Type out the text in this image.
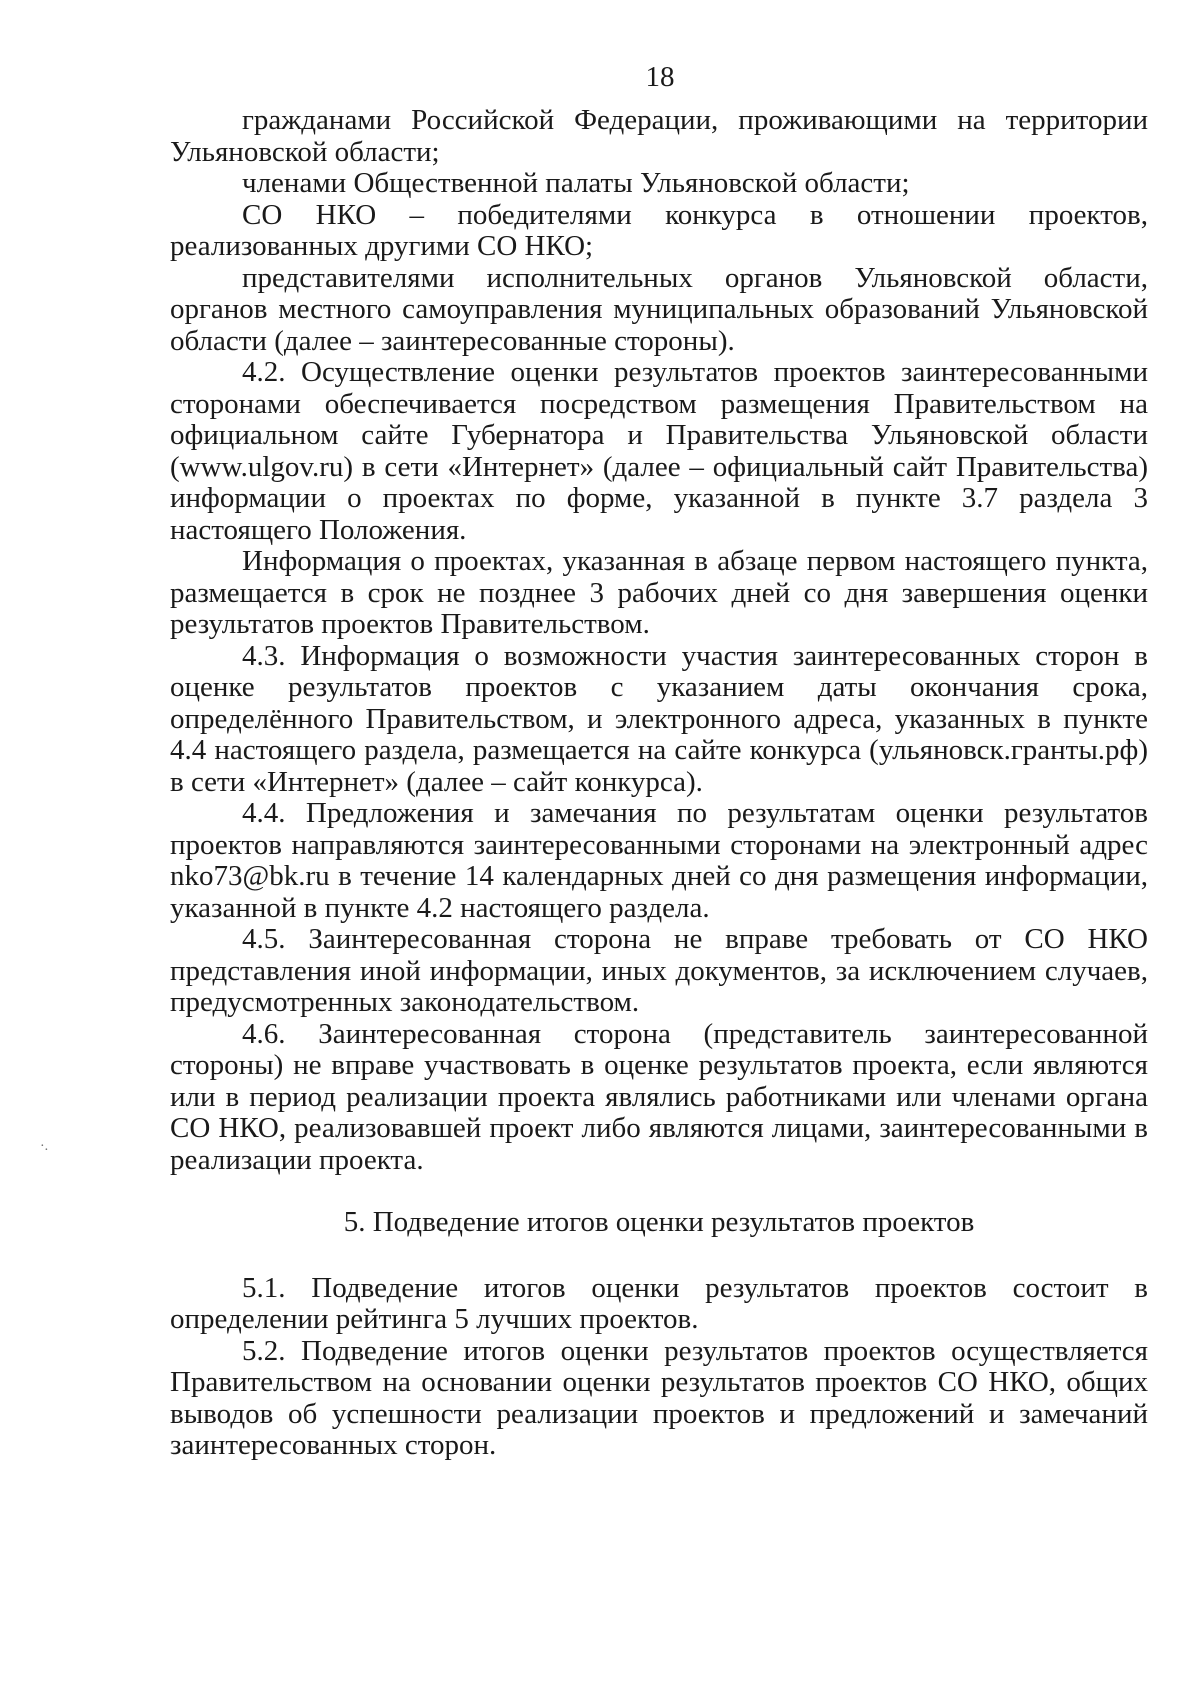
18

гражданами Российской Федерации, проживающими на территории Ульяновской области;

членами Общественной палаты Ульяновской области;

СО НКО – победителями конкурса в отношении проектов, реализованных другими СО НКО;

представителями исполнительных органов Ульяновской области, органов местного самоуправления муниципальных образований Ульяновской области (далее – заинтересованные стороны).

4.2. Осуществление оценки результатов проектов заинтересованными сторонами обеспечивается посредством размещения Правительством на официальном сайте Губернатора и Правительства Ульяновской области (www.ulgov.ru) в сети «Интернет» (далее – официальный сайт Правительства) информации о проектах по форме, указанной в пункте 3.7 раздела 3 настоящего Положения.

Информация о проектах, указанная в абзаце первом настоящего пункта, размещается в срок не позднее 3 рабочих дней со дня завершения оценки результатов проектов Правительством.

4.3. Информация о возможности участия заинтересованных сторон в оценке результатов проектов с указанием даты окончания срока, определённого Правительством, и электронного адреса, указанных в пункте 4.4 настоящего раздела, размещается на сайте конкурса (ульяновск.гранты.рф) в сети «Интернет» (далее – сайт конкурса).

4.4. Предложения и замечания по результатам оценки результатов проектов направляются заинтересованными сторонами на электронный адрес nko73@bk.ru в течение 14 календарных дней со дня размещения информации, указанной в пункте 4.2 настоящего раздела.

4.5. Заинтересованная сторона не вправе требовать от СО НКО представления иной информации, иных документов, за исключением случаев, предусмотренных законодательством.

4.6. Заинтересованная сторона (представитель заинтересованной стороны) не вправе участвовать в оценке результатов проекта, если являются или в период реализации проекта являлись работниками или членами органа СО НКО, реализовавшей проект либо являются лицами, заинтересованными в реализации проекта.

5. Подведение итогов оценки результатов проектов

5.1. Подведение итогов оценки результатов проектов состоит в определении рейтинга 5 лучших проектов.

5.2. Подведение итогов оценки результатов проектов осуществляется Правительством на основании оценки результатов проектов СО НКО, общих выводов об успешности реализации проектов и предложений и замечаний заинтересованных сторон.

·.
